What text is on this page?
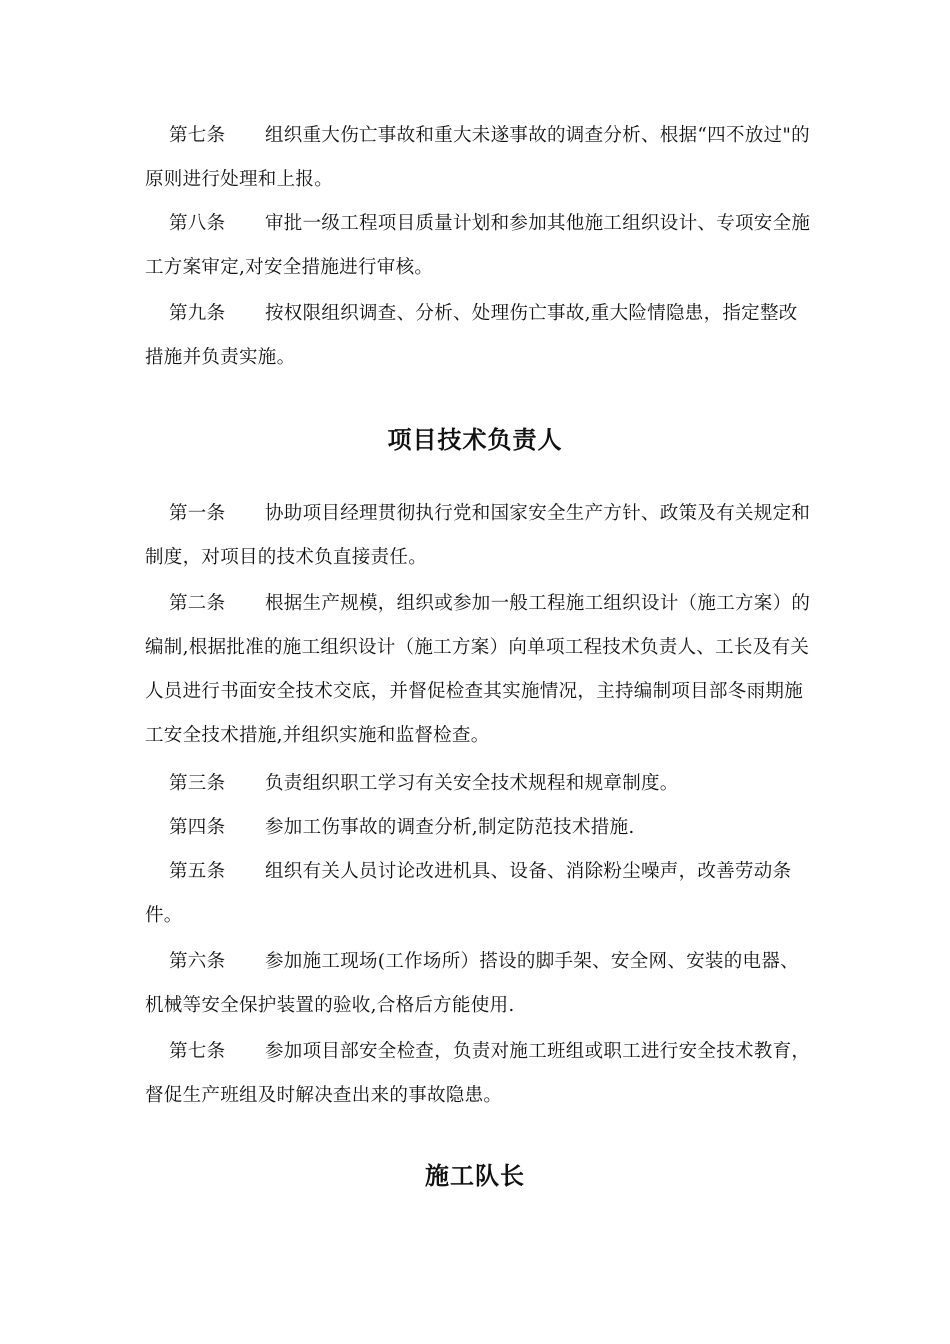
第七条 组织重大伤亡事故和重大未遂事故的调查分析、根据“四不放过"的原则进行处理和上报。

第八条 审批一级工程项目质量计划和参加其他施工组织设计、专项安全施工方案审定,对安全措施进行审核。

第九条 按权限组织调查、分析、处理伤亡事故,重大险情隐患，指定整改措施并负责实施。

项目技术负责人

第一条 协助项目经理贯彻执行党和国家安全生产方针、政策及有关规定和制度，对项目的技术负直接责任。

第二条 根据生产规模，组织或参加一般工程施工组织设计（施工方案）的编制,根据批准的施工组织设计（施工方案）向单项工程技术负责人、工长及有关人员进行书面安全技术交底，并督促检查其实施情况，主持编制项目部冬雨期施工安全技术措施,并组织实施和监督检查。

第三条 负责组织职工学习有关安全技术规程和规章制度。

第四条 参加工伤事故的调查分析,制定防范技术措施.

第五条 组织有关人员讨论改进机具、设备、消除粉尘噪声，改善劳动条件。

第六条 参加施工现场(工作场所）搭设的脚手架、安全网、安装的电器、机械等安全保护装置的验收,合格后方能使用.

第七条 参加项目部安全检查，负责对施工班组或职工进行安全技术教育，督促生产班组及时解决查出来的事故隐患。

施工队长
